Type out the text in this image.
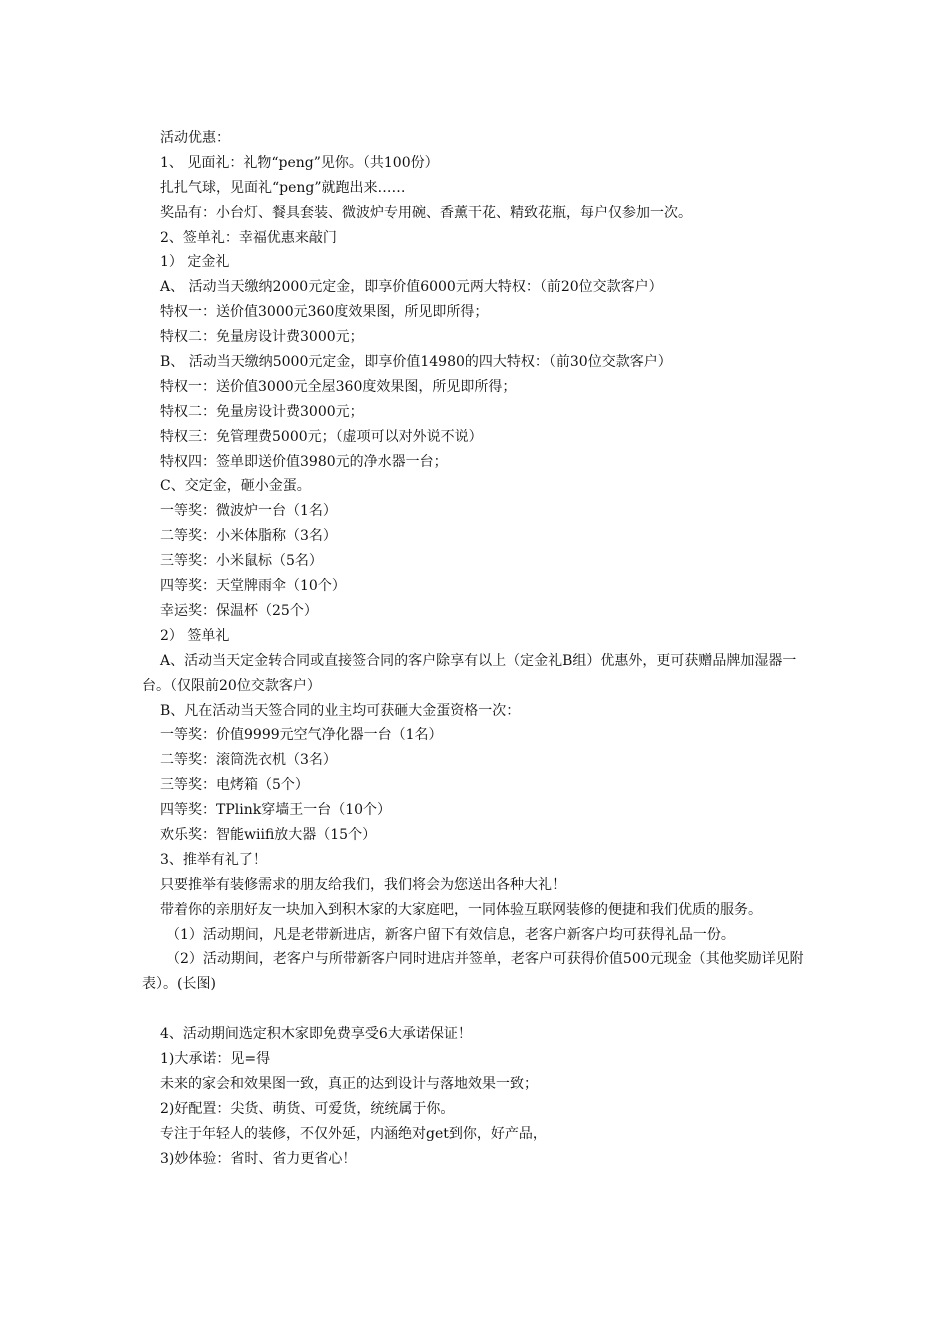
活动优惠：
1、 见面礼：礼物“peng”见你。（共100份）
扎扎气球，见面礼“peng”就跑出来……
奖品有：小台灯、餐具套装、微波炉专用碗、香薰干花、精致花瓶，每户仅参加一次。
2、签单礼：幸福优惠来敲门
1） 定金礼
A、 活动当天缴纳2000元定金，即享价值6000元两大特权：（前20位交款客户）
特权一：送价值3000元360度效果图，所见即所得；
特权二：免量房设计费3000元；
B、 活动当天缴纳5000元定金，即享价值14980的四大特权：（前30位交款客户）
特权一：送价值3000元全屋360度效果图，所见即所得；
特权二：免量房设计费3000元；
特权三：免管理费5000元；（虚项可以对外说不说）
特权四：签单即送价值3980元的净水器一台；
C、交定金，砸小金蛋。
一等奖：微波炉一台（1名）
二等奖：小米体脂称（3名）
三等奖：小米鼠标（5名）
四等奖：天堂牌雨伞（10个）
幸运奖：保温杯（25个）
2） 签单礼
A、活动当天定金转合同或直接签合同的客户除享有以上（定金礼B组）优惠外，更可获赠品牌加湿器一台。（仅限前20位交款客户）
B、凡在活动当天签合同的业主均可获砸大金蛋资格一次：
一等奖：价值9999元空气净化器一台（1名）
二等奖：滚筒洗衣机（3名）
三等奖：电烤箱（5个）
四等奖：TPlink穿墙王一台（10个）
欢乐奖：智能wiifi放大器（15个）
3、推举有礼了！
只要推举有装修需求的朋友给我们，我们将会为您送出各种大礼！
带着你的亲朋好友一块加入到积木家的大家庭吧，一同体验互联网装修的便捷和我们优质的服务。
（1）活动期间，凡是老带新进店，新客户留下有效信息，老客户新客户均可获得礼品一份。
（2）活动期间，老客户与所带新客户同时进店并签单，老客户可获得价值500元现金（其他奖励详见附表）。(长图)
4、活动期间选定积木家即免费享受6大承诺保证！
1)大承诺：见=得
未来的家会和效果图一致，真正的达到设计与落地效果一致；
2)好配置：尖货、萌货、可爱货，统统属于你。
专注于年轻人的装修，不仅外延，内涵绝对get到你，好产品，
3)妙体验：省时、省力更省心！
